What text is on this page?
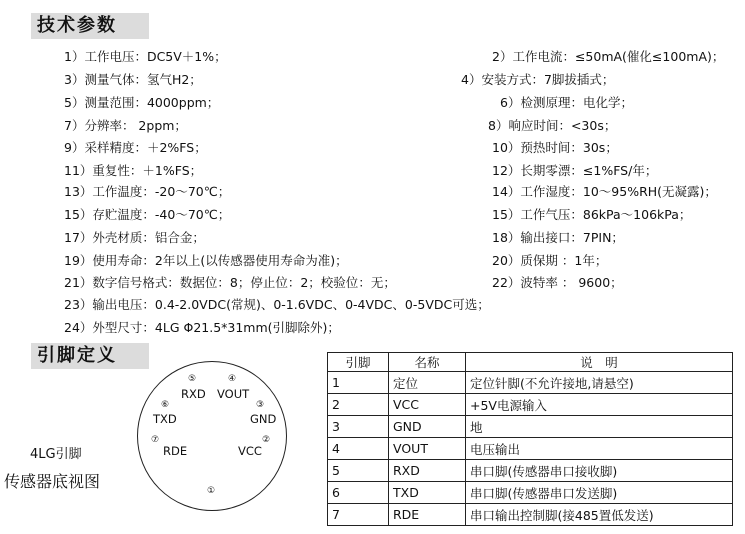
技术参数
1）工作电压：DC5V＋1%；	2）工作电流：≤50mA(催化≤100mA)；
3）测量气体：氢气H2；	4）安装方式：7脚拔插式；
5）测量范围：4000ppm；	6）检测原理：电化学；
7）分辨率： 2ppm；	8）响应时间：<30s；
9）采样精度：＋2%FS；	10）预热时间：30s；
11）重复性：＋1%FS；	12）长期零漂：≤1%FS/年；
13）工作温度：-20～70℃；	14）工作湿度：10～95%RH(无凝露)；
15）存贮温度：-40～70℃；	15）工作气压：86kPa～106kPa；
17）外壳材质：铝合金；	18）输出接口：7PIN；
19）使用寿命：2年以上(以传感器使用寿命为准)；	20）质保期 ：1年；
21）数字信号格式：数据位：8；停止位：2；校验位：无；	22）波特率 ： 9600；
23）输出电压：0.4-2.0VDC(常规)、0-1.6VDC、0-4VDC、0-5VDC可选；
24）外型尺寸：4LG Φ21.5*31mm(引脚除外)；
引脚定义
4LG引脚
传感器底视图
⑤
RXD
④
VOUT
⑥
TXD
③
GND
⑦
RDE
②
VCC
①
引脚	名称	说　明
1	定位	定位针脚(不允许接地,请悬空)
2	VCC	+5V电源输入
3	GND	地
4	VOUT	电压输出
5	RXD	串口脚(传感器串口接收脚)
6	TXD	串口脚(传感器串口发送脚)
7	RDE	串口输出控制脚(接485置低发送)
